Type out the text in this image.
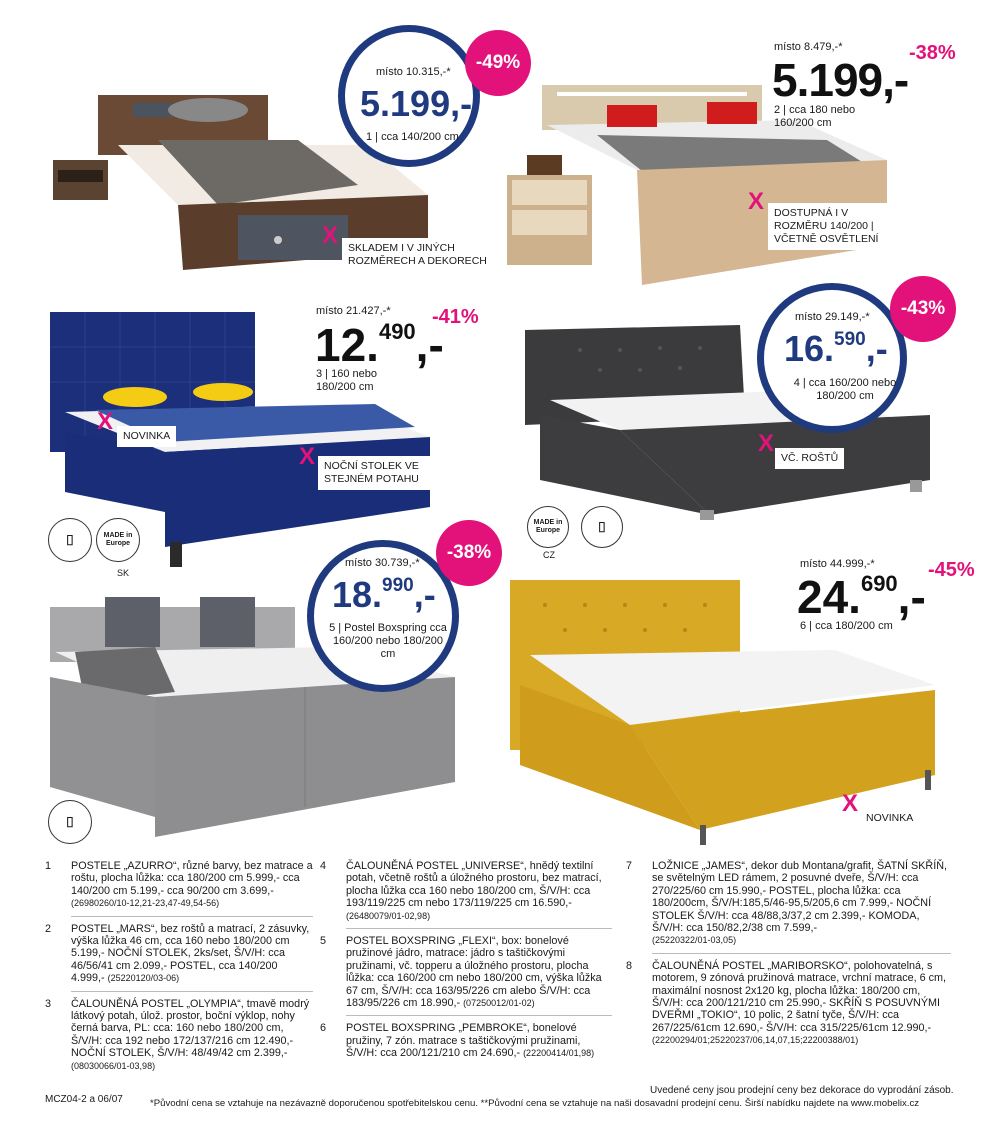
místo 10.315,-*
5.199,-
1 | cca 140/200 cm
-49%
X SKLADEM I V JINÝCH ROZMĚRECH A DEKORECH
místo 8.479,-*
5.199,-
-38%
2 | cca 180 nebo 160/200 cm
X DOSTUPNÁ I V ROZMĚRU 140/200 | VČETNĚ OSVĚTLENÍ
místo 21.427,-*
12.$^{490}$,-
-41%
3 | 160 nebo 180/200 cm
X
NOVINKA
X NOČNÍ STOLEK VE STEJNÉM POTAHU
⌷	MADE in Europe
SK
místo 29.149,-*
16.$^{590}$,-
4 | cca 160/200 nebo 180/200 cm
-43%
X
VČ. ROŠTŮ
MADE in Europe	⌷
CZ
místo 30.739,-*
18.$^{990}$,-
5 | Postel Boxspring cca 160/200 nebo 180/200 cm
-38%
⌷
místo 44.999,-*
24.$^{690}$,-
-45%
6 | cca 180/200 cm
X
NOVINKA
1 POSTELE „AZURRO“, různé barvy, bez matrace a roštu, plocha lůžka: cca 180/200 cm 5.999,- cca 140/200 cm 5.199,- cca 90/200 cm 3.699,-
(26980260/10-12,21-23,47-49,54-56)
2 POSTEL „MARS“, bez roštů a matrací, 2 zásuvky, výška lůžka 46 cm, cca 160 nebo 180/200 cm 5.199,- NOČNÍ STOLEK, 2ks/set, Š/V/H: cca 46/56/41 cm 2.099,- POSTEL, cca 140/200 4.999,- (25220120/03-06)
3 ČALOUNĚNÁ POSTEL „OLYMPIA“, tmavě modrý látkový potah, úlož. prostor, boční výklop, nohy černá barva, PL: cca: 160 nebo 180/200 cm, Š/V/H: cca 192 nebo 172/137/216 cm 12.490,- NOČNÍ STOLEK, Š/V/H: 48/49/42 cm 2.399,-
(08030066/01-03,98)
4 ČALOUNĚNÁ POSTEL „UNIVERSE“, hnědý textilní potah, včetně roštů a úložného prostoru, bez matrací, plocha lůžka cca 160 nebo 180/200 cm, Š/V/H: cca 193/119/225 cm nebo 173/119/225 cm 16.590,-
(26480079/01-02,98)
5 POSTEL BOXSPRING „FLEXI“, box: bonelové pružinové jádro, matrace: jádro s taštičkovými pružinami, vč. topperu a úložného prostoru, plocha lůžka: cca 160/200 cm nebo 180/200 cm, výška lůžka 67 cm, Š/V/H: cca 163/95/226 cm alebo Š/V/H: cca 183/95/226 cm 18.990,- (07250012/01-02)
6 POSTEL BOXSPRING „PEMBROKE“, bonelové pružiny, 7 zón. matrace s taštičkovými pružinami, Š/V/H: cca 200/121/210 cm 24.690,- (22200414/01,98)
7 LOŽNICE „JAMES“, dekor dub Montana/grafit, ŠATNÍ SKŘÍŇ, se světelným LED rámem, 2 posuvné dveře, Š/V/H: cca 270/225/60 cm 15.990,- POSTEL, plocha lůžka: cca 180/200cm, Š/V/H:185,5/46-95,5/205,6 cm 7.999,- NOČNÍ STOLEK Š/V/H: cca 48/88,3/37,2 cm 2.399,- KOMODA, Š/V/H: cca 150/82,2/38 cm 7.599,-
(25220322/01-03,05)
8 ČALOUNĚNÁ POSTEL „MARIBORSKO“, polohovatelná, s motorem, 9 zónová pružinová matrace, vrchní matrace, 6 cm, maximální nosnost 2x120 kg, plocha lůžka: 180/200 cm, Š/V/H: cca 200/121/210 cm 25.990,- SKŘÍŇ S POSUVNÝMI DVEŘMI „TOKIO“, 10 polic, 2 šatní tyče, Š/V/H: cca 267/225/61cm 12.690,- Š/V/H: cca 315/225/61cm 12.990,-
(22200294/01;25220237/06,14,07,15;22200388/01)
Uvedené ceny jsou prodejní ceny bez dekorace do vyprodání zásob.
MCZ04-2 a 06/07	*Původní cena se vztahuje na nezávazně doporučenou spotřebitelskou cenu. **Původní cena se vztahuje na naši dosavadní prodejní cenu. Širší nabídku najdete na www.mobelix.cz
